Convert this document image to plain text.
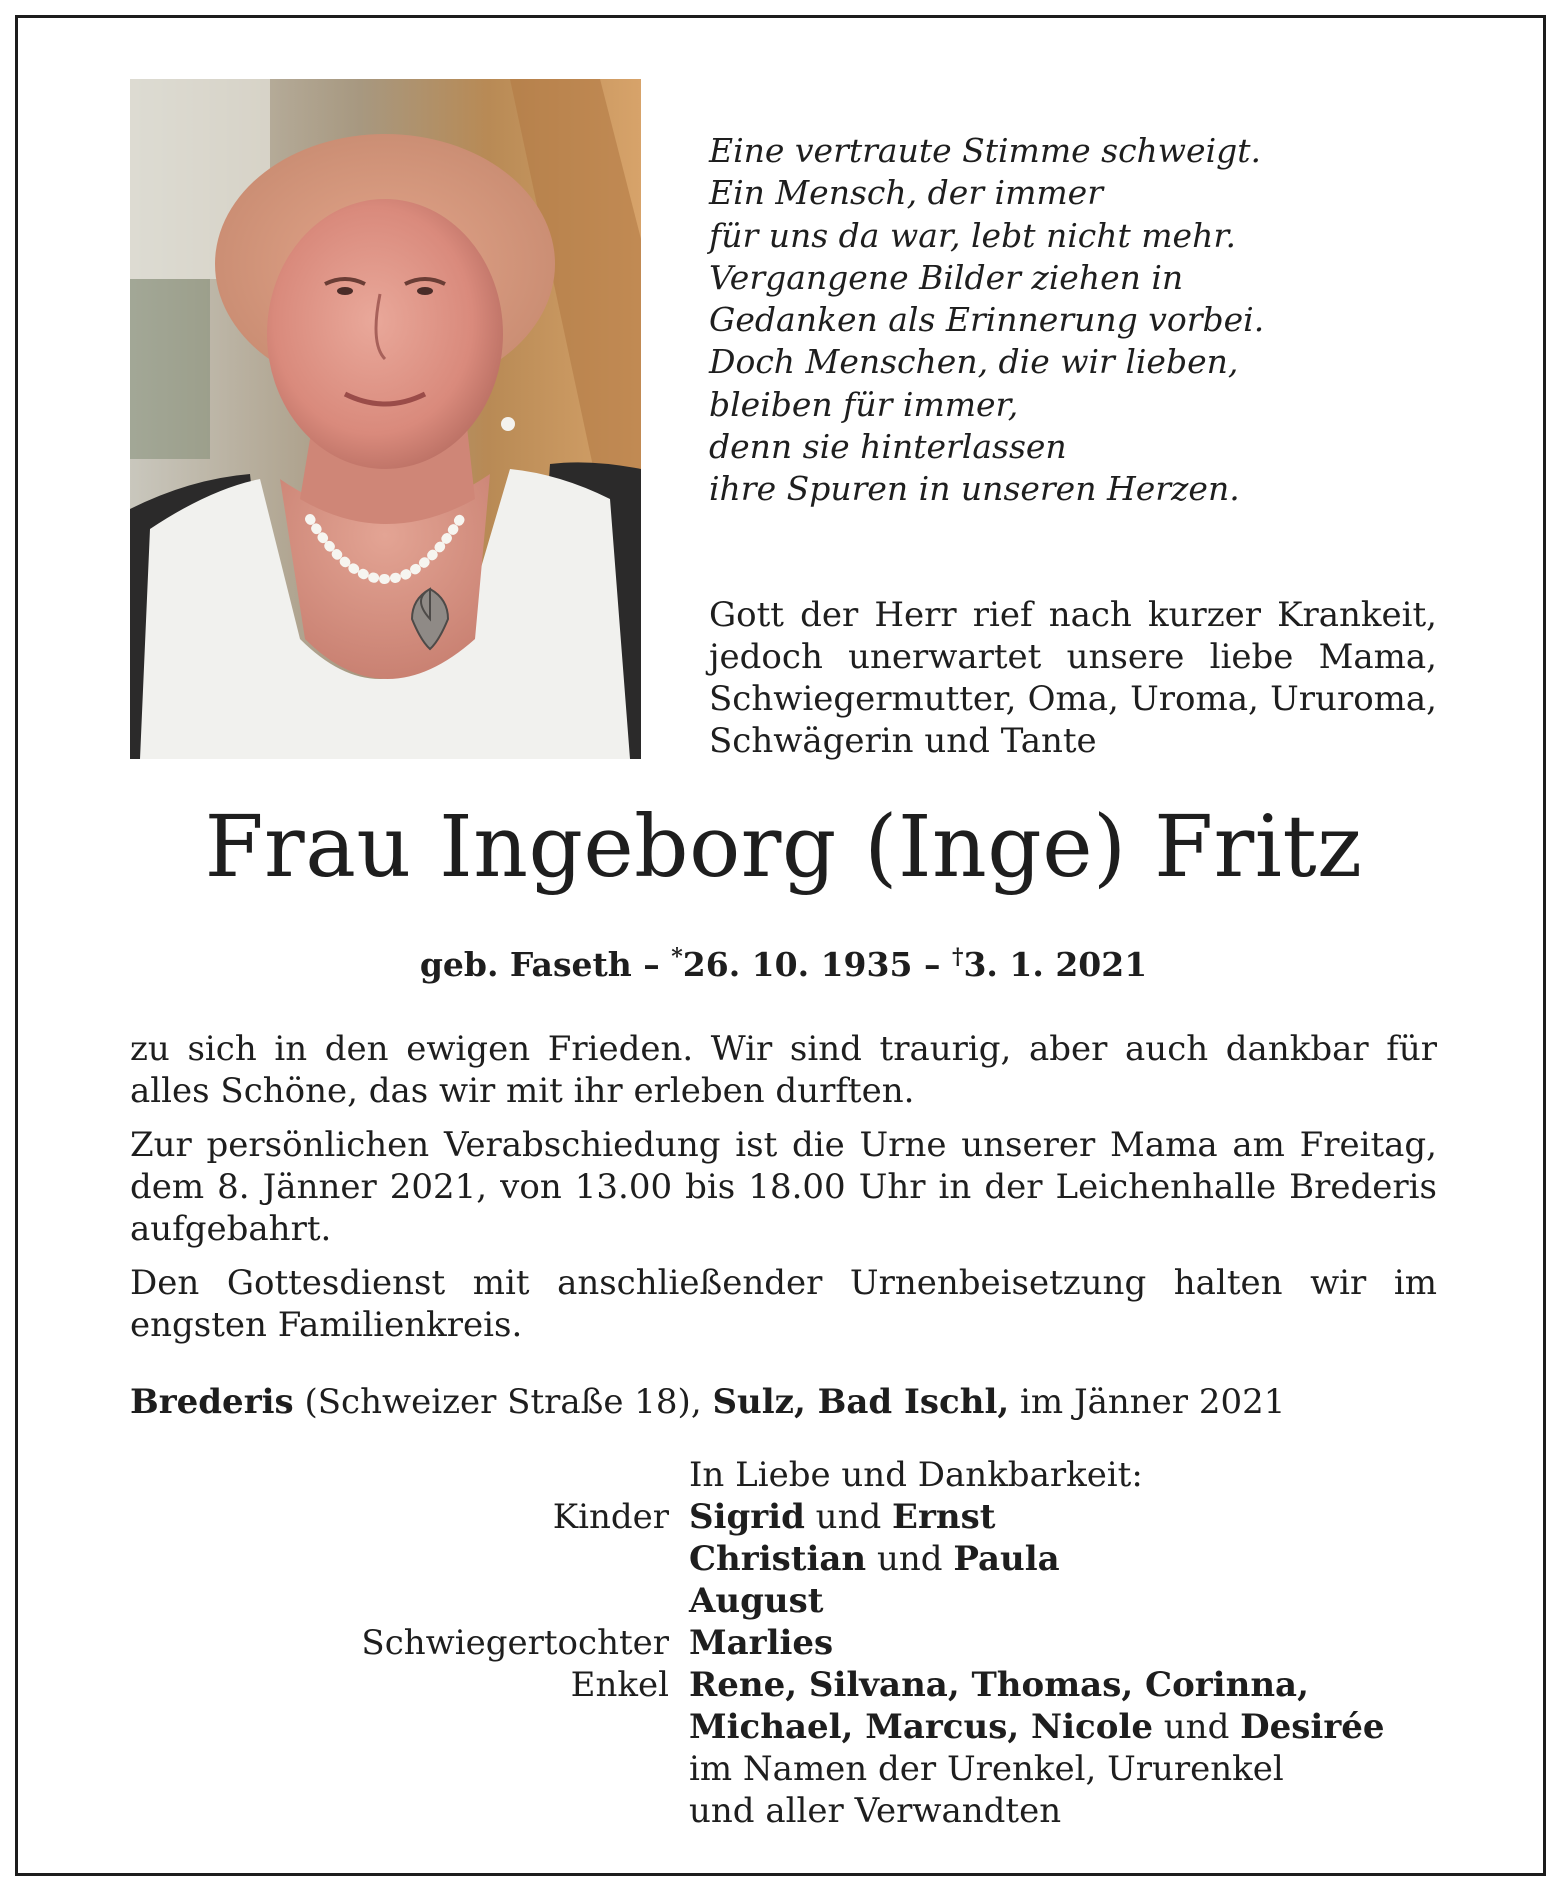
Eine vertraute Stimme schweigt.
Ein Mensch, der immer
für uns da war, lebt nicht mehr.
Vergangene Bilder ziehen in
Gedanken als Erinnerung vorbei.
Doch Menschen, die wir lieben,
bleiben für immer,
denn sie hinterlassen
ihre Spuren in unseren Herzen.
Gott der Herr rief nach kurzer Krankeit, jedoch unerwartet unsere liebe Mama, Schwiegermutter, Oma, Uroma, Ururoma, Schwägerin und Tante
Frau Ingeborg (Inge) Fritz
geb. Faseth – *26. 10. 1935 – †3. 1. 2021
zu sich in den ewigen Frieden. Wir sind traurig, aber auch dankbar für alles Schöne, das wir mit ihr erleben durften.
Zur persönlichen Verabschiedung ist die Urne unserer Mama am Freitag, dem 8. Jänner 2021, von 13.00 bis 18.00 Uhr in der Leichenhalle Brederis aufgebahrt.
Den Gottesdienst mit anschließender Urnenbeisetzung halten wir im engsten Familienkreis.
Brederis (Schweizer Straße 18), Sulz, Bad Ischl, im Jänner 2021
In Liebe und Dankbarkeit:
Kinder Sigrid und Ernst
Christian und Paula
August
Schwiegertochter Marlies
Enkel Rene, Silvana, Thomas, Corinna,
Michael, Marcus, Nicole und Desirée
im Namen der Urenkel, Ururenkel
und aller Verwandten
